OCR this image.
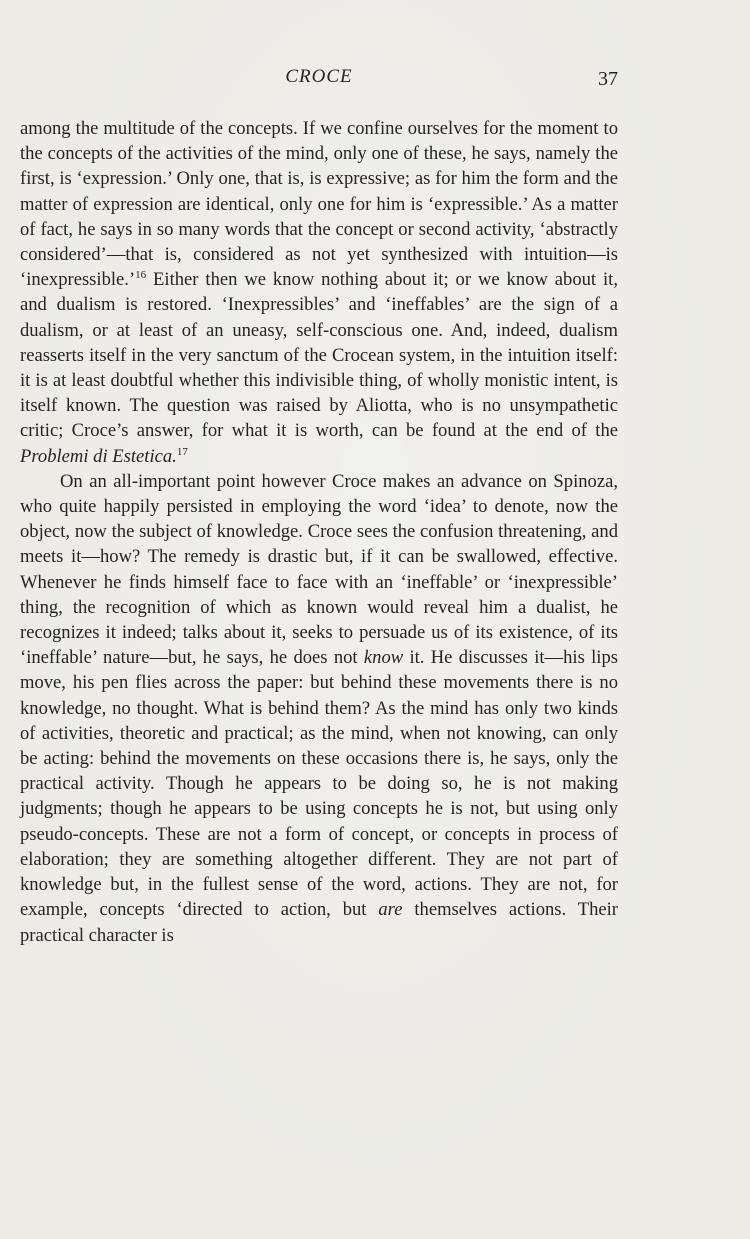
CROCE	37

among the multitude of the concepts. If we confine ourselves for the moment to the concepts of the activities of the mind, only one of these, he says, namely the first, is ‘expression.’ Only one, that is, is expressive; as for him the form and the matter of expression are identical, only one for him is ‘expressible.’ As a matter of fact, he says in so many words that the concept or second activity, ‘abstractly considered’—that is, considered as not yet synthesized with intuition—is ‘inexpressible.’$^{16}$ Either then we know nothing about it; or we know about it, and dualism is restored. ‘Inexpressibles’ and ‘ineffables’ are the sign of a dualism, or at least of an uneasy, self-conscious one. And, indeed, dualism reasserts itself in the very sanctum of the Crocean system, in the intuition itself: it is at least doubtful whether this indivisible thing, of wholly monistic intent, is itself known. The question was raised by Aliotta, who is no unsympathetic critic; Croce’s answer, for what it is worth, can be found at the end of the Problemi di Estetica.$^{17}$

On an all-important point however Croce makes an advance on Spinoza, who quite happily persisted in employing the word ‘idea’ to denote, now the object, now the subject of knowledge. Croce sees the confusion threatening, and meets it—how? The remedy is drastic but, if it can be swallowed, effective. Whenever he finds himself face to face with an ‘ineffable’ or ‘inexpressible’ thing, the recognition of which as known would reveal him a dualist, he recognizes it indeed; talks about it, seeks to persuade us of its existence, of its ‘ineffable’ nature—but, he says, he does not know it. He discusses it—his lips move, his pen flies across the paper: but behind these movements there is no knowledge, no thought. What is behind them? As the mind has only two kinds of activities, theoretic and practical; as the mind, when not knowing, can only be acting: behind the movements on these occasions there is, he says, only the practical activity. Though he appears to be doing so, he is not making judgments; though he appears to be using concepts he is not, but using only pseudo-concepts. These are not a form of concept, or concepts in process of elaboration; they are something altogether different. They are not part of knowledge but, in the fullest sense of the word, actions. They are not, for example, concepts ‘directed to action, but are themselves actions. Their practical character is
